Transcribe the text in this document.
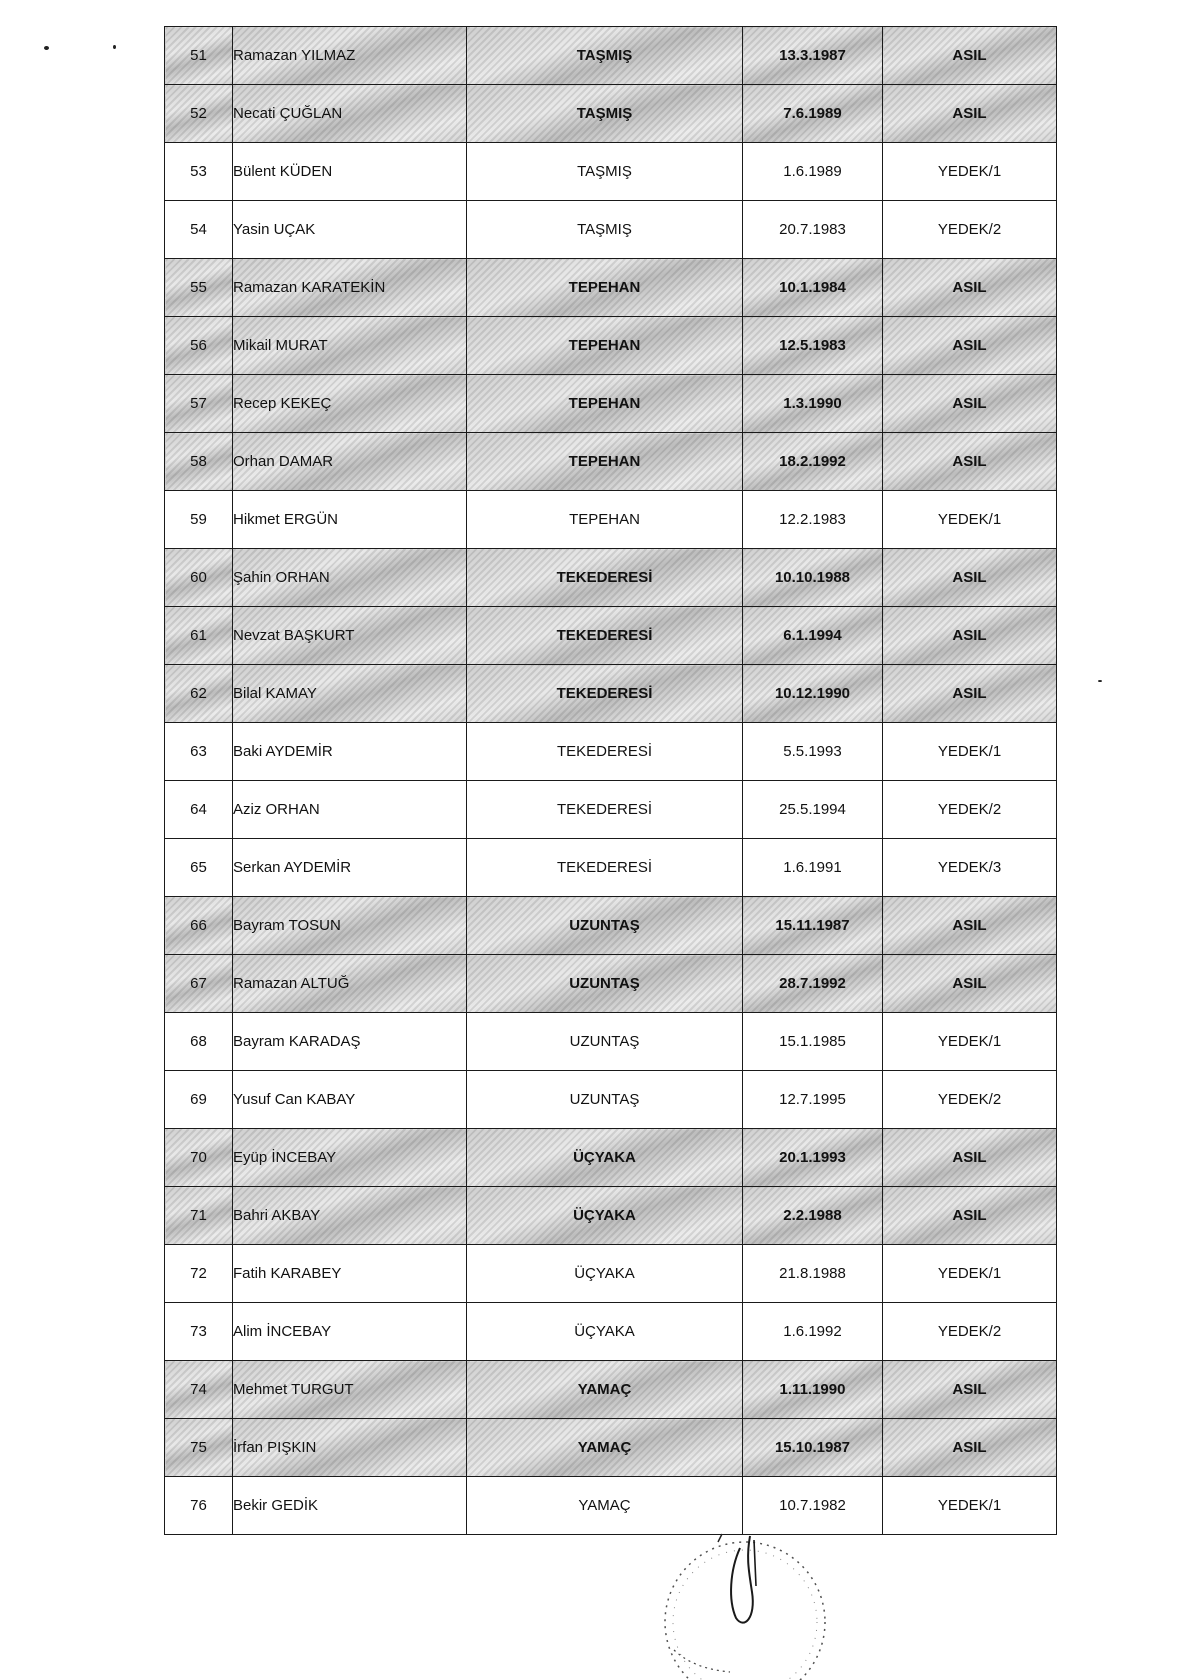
51	Ramazan YILMAZ	TAŞMIŞ	13.3.1987	ASIL
52	Necati ÇUĞLAN	TAŞMIŞ	7.6.1989	ASIL
53	Bülent KÜDEN	TAŞMIŞ	1.6.1989	YEDEK/1
54	Yasin UÇAK	TAŞMIŞ	20.7.1983	YEDEK/2
55	Ramazan KARATEKİN	TEPEHAN	10.1.1984	ASIL
56	Mikail MURAT	TEPEHAN	12.5.1983	ASIL
57	Recep KEKEÇ	TEPEHAN	1.3.1990	ASIL
58	Orhan DAMAR	TEPEHAN	18.2.1992	ASIL
59	Hikmet ERGÜN	TEPEHAN	12.2.1983	YEDEK/1
60	Şahin ORHAN	TEKEDERESİ	10.10.1988	ASIL
61	Nevzat BAŞKURT	TEKEDERESİ	6.1.1994	ASIL
62	Bilal KAMAY	TEKEDERESİ	10.12.1990	ASIL
63	Baki AYDEMİR	TEKEDERESİ	5.5.1993	YEDEK/1
64	Aziz ORHAN	TEKEDERESİ	25.5.1994	YEDEK/2
65	Serkan AYDEMİR	TEKEDERESİ	1.6.1991	YEDEK/3
66	Bayram TOSUN	UZUNTAŞ	15.11.1987	ASIL
67	Ramazan ALTUĞ	UZUNTAŞ	28.7.1992	ASIL
68	Bayram KARADAŞ	UZUNTAŞ	15.1.1985	YEDEK/1
69	Yusuf Can KABAY	UZUNTAŞ	12.7.1995	YEDEK/2
70	Eyüp İNCEBAY	ÜÇYAKA	20.1.1993	ASIL
71	Bahri AKBAY	ÜÇYAKA	2.2.1988	ASIL
72	Fatih KARABEY	ÜÇYAKA	21.8.1988	YEDEK/1
73	Alim İNCEBAY	ÜÇYAKA	1.6.1992	YEDEK/2
74	Mehmet TURGUT	YAMAÇ	1.11.1990	ASIL
75	İrfan PIŞKIN	YAMAÇ	15.10.1987	ASIL
76	Bekir GEDİK	YAMAÇ	10.7.1982	YEDEK/1
